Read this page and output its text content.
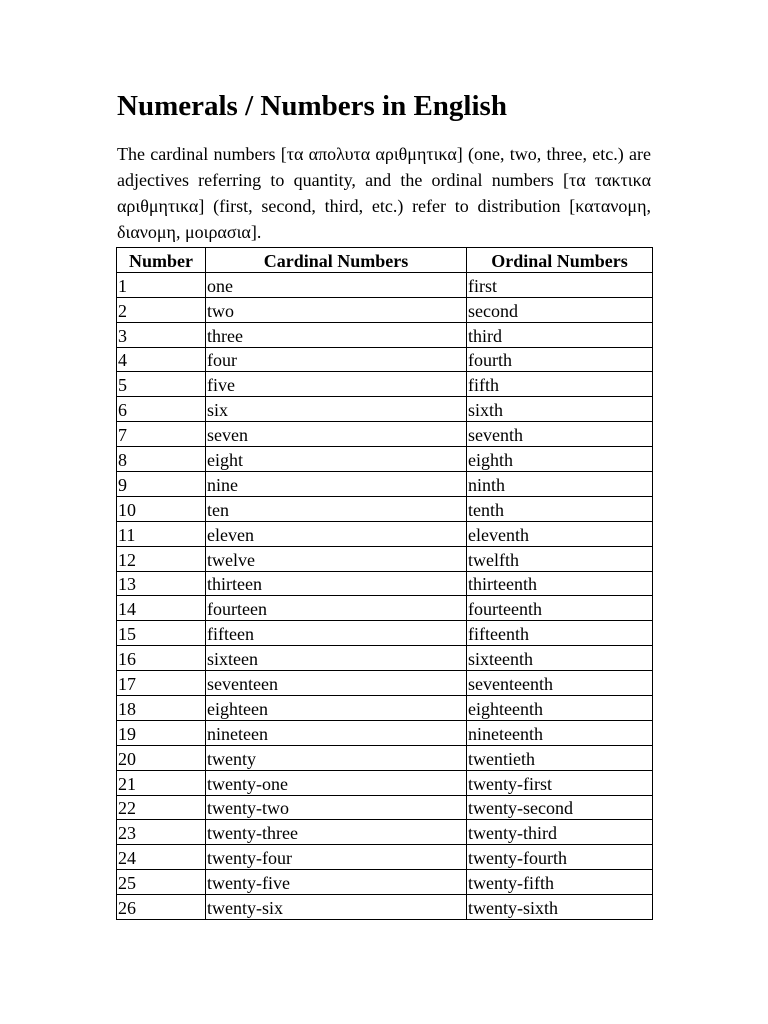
Numerals / Numbers in English

The cardinal numbers [τα απολυτα αριθμητικα] (one, two, three, etc.) are adjectives referring to quantity, and the ordinal numbers [τα τακτικα αριθμητικα] (first, second, third, etc.) refer to distribution [κατανομη, διανομη, μοιρασια].

Number	Cardinal Numbers	Ordinal Numbers
1	one	first
2	two	second
3	three	third
4	four	fourth
5	five	fifth
6	six	sixth
7	seven	seventh
8	eight	eighth
9	nine	ninth
10	ten	tenth
11	eleven	eleventh
12	twelve	twelfth
13	thirteen	thirteenth
14	fourteen	fourteenth
15	fifteen	fifteenth
16	sixteen	sixteenth
17	seventeen	seventeenth
18	eighteen	eighteenth
19	nineteen	nineteenth
20	twenty	twentieth
21	twenty-one	twenty-first
22	twenty-two	twenty-second
23	twenty-three	twenty-third
24	twenty-four	twenty-fourth
25	twenty-five	twenty-fifth
26	twenty-six	twenty-sixth
